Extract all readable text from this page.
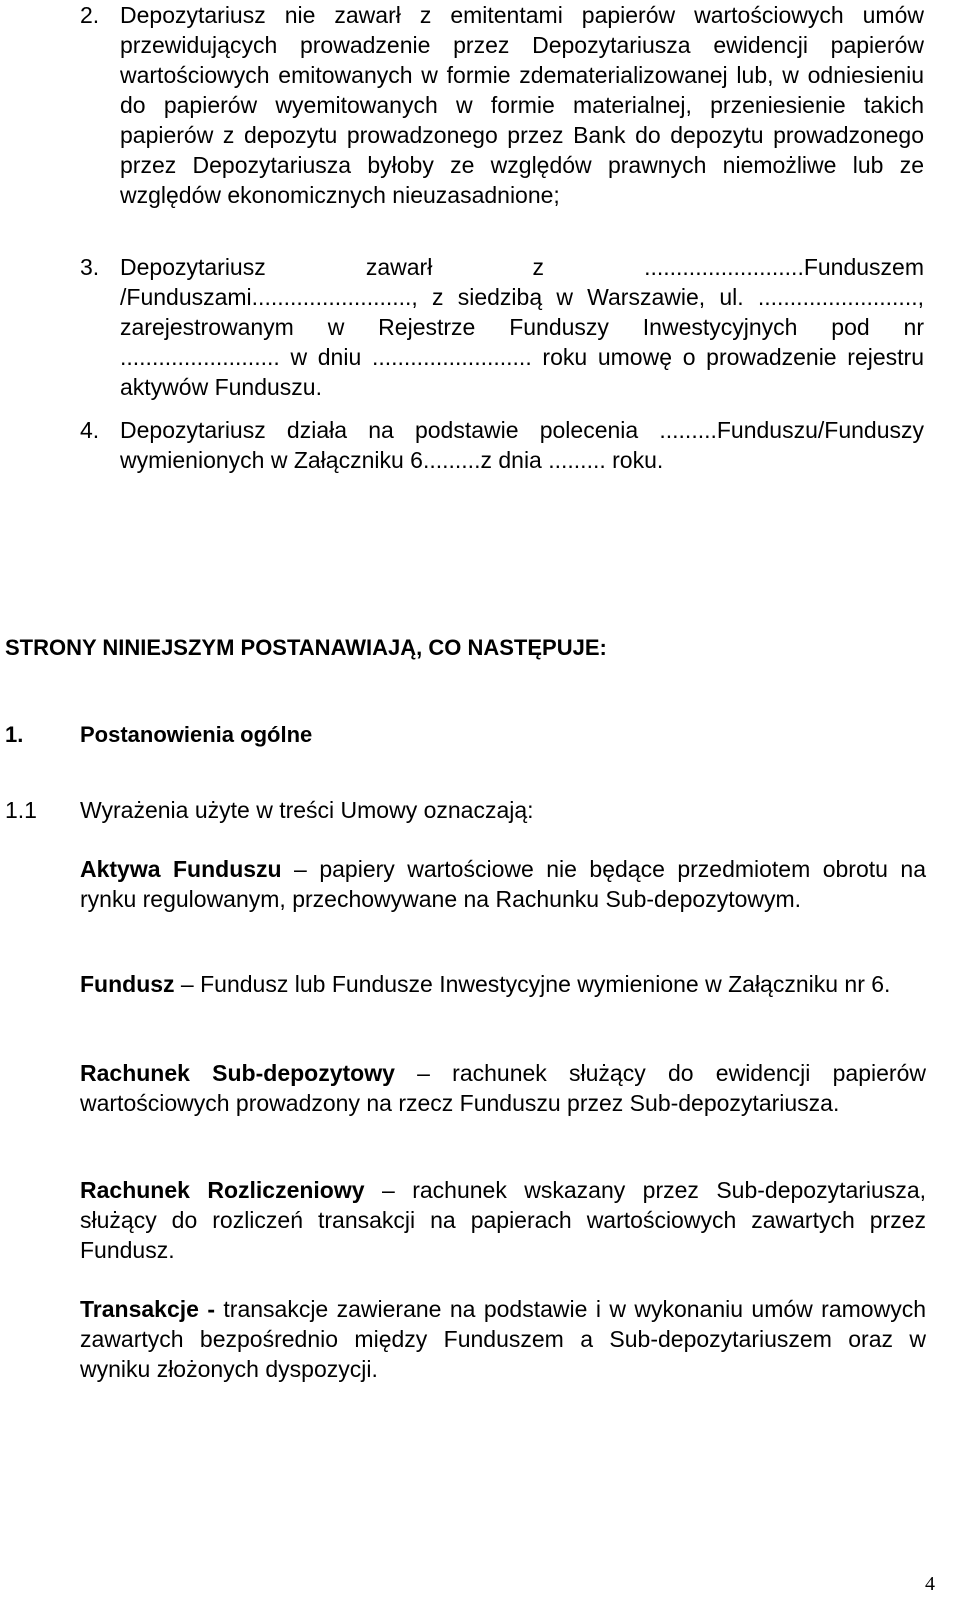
2. Depozytariusz nie zawarł z emitentami papierów wartościowych umów przewidujących prowadzenie przez Depozytariusza ewidencji papierów wartościowych emitowanych w formie zdematerializowanej lub, w odniesieniu do papierów wyemitowanych w formie materialnej, przeniesienie takich papierów z depozytu prowadzonego przez Bank do depozytu prowadzonego przez Depozytariusza byłoby ze względów prawnych niemożliwe lub ze względów ekonomicznych nieuzasadnione;
3. Depozytariusz zawarł z .........................Funduszem /Funduszami........................., z siedzibą w Warszawie, ul. ........................., zarejestrowanym w Rejestrze Funduszy Inwestycyjnych pod nr ......................... w dniu ......................... roku umowę o prowadzenie rejestru aktywów Funduszu.
4. Depozytariusz działa na podstawie polecenia .........Funduszu/Funduszy wymienionych w Załączniku 6.........z dnia ......... roku.
STRONY NINIEJSZYM POSTANAWIAJĄ, CO NASTĘPUJE:
1.	Postanowienia ogólne
1.1 Wyrażenia użyte w treści Umowy oznaczają:
Aktywa Funduszu – papiery wartościowe nie będące przedmiotem obrotu na rynku regulowanym, przechowywane na Rachunku Sub-depozytowym.
Fundusz – Fundusz lub Fundusze Inwestycyjne wymienione w Załączniku nr 6.
Rachunek Sub-depozytowy – rachunek służący do ewidencji papierów wartościowych prowadzony na rzecz Funduszu przez Sub-depozytariusza.
Rachunek Rozliczeniowy – rachunek wskazany przez Sub-depozytariusza, służący do rozliczeń transakcji na papierach wartościowych zawartych przez Fundusz.
Transakcje - transakcje zawierane na podstawie i w wykonaniu umów ramowych zawartych bezpośrednio między Funduszem a Sub-depozytariuszem oraz w wyniku złożonych dyspozycji.
4
